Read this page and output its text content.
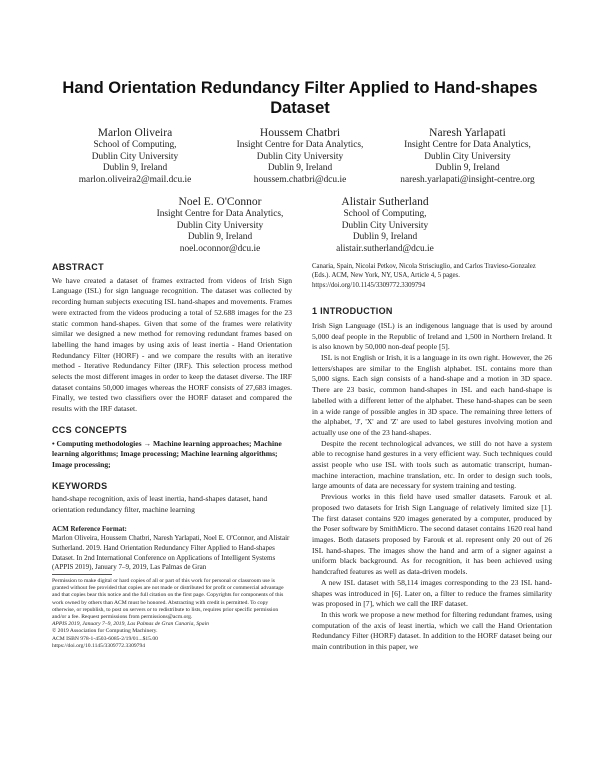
Hand Orientation Redundancy Filter Applied to Hand-shapes Dataset
Marlon Oliveira
School of Computing,
Dublin City University
Dublin 9, Ireland
marlon.oliveira2@mail.dcu.ie
Houssem Chatbri
Insight Centre for Data Analytics,
Dublin City University
Dublin 9, Ireland
houssem.chatbri@dcu.ie
Naresh Yarlapati
Insight Centre for Data Analytics,
Dublin City University
Dublin 9, Ireland
naresh.yarlapati@insight-centre.org
Noel E. O'Connor
Insight Centre for Data Analytics,
Dublin City University
Dublin 9, Ireland
noel.oconnor@dcu.ie
Alistair Sutherland
School of Computing,
Dublin City University
Dublin 9, Ireland
alistair.sutherland@dcu.ie
ABSTRACT

We have created a dataset of frames extracted from videos of Irish Sign Language (ISL) for sign language recognition. The dataset was collected by recording human subjects executing ISL hand-shapes and movements. Frames were extracted from the videos producing a total of 52.688 images for the 23 static common hand-shapes. Given that some of the frames were relativity similar we designed a new method for removing redundant frames based on labelling the hand images by using axis of least inertia - Hand Orientation Redundancy Filter (HORF) - and we compare the results with an iterative method - Iterative Redundancy Filter (IRF). This selection process method selects the most different images in order to keep the dataset diverse. The IRF dataset contains 50,000 images whereas the HORF consists of 27,683 images. Finally, we tested two classifiers over the HORF dataset and compared the results with the IRF dataset.

CCS CONCEPTS

• Computing methodologies → Machine learning approaches; Machine learning algorithms; Image processing; Machine learning algorithms; Image processing;

KEYWORDS

hand-shape recognition, axis of least inertia, hand-shapes dataset, hand orientation redundancy filter, machine learning

ACM Reference Format:

Marlon Oliveira, Houssem Chatbri, Naresh Yarlapati, Noel E. O'Connor, and Alistair Sutherland. 2019. Hand Orientation Redundancy Filter Applied to Hand-shapes Dataset. In 2nd International Conference on Applications of Intelligent Systems (APPIS 2019), January 7–9, 2019, Las Palmas de Gran

Permission to make digital or hard copies of all or part of this work for personal or classroom use is granted without fee provided that copies are not made or distributed for profit or commercial advantage and that copies bear this notice and the full citation on the first page. Copyrights for components of this work owned by others than ACM must be honored. Abstracting with credit is permitted. To copy otherwise, or republish, to post on servers or to redistribute to lists, requires prior specific permission and/or a fee. Request permissions from permissions@acm.org.
APPIS 2019, January 7–9, 2019, Las Palmas de Gran Canaria, Spain
© 2019 Association for Computing Machinery.
ACM ISBN 978-1-4503-6085-2/19/01...$15.00
https://doi.org/10.1145/3309772.3309794

Canaria, Spain, Nicolai Petkov, Nicola Strisciuglio, and Carlos Travieso-Gonzalez (Eds.). ACM, New York, NY, USA, Article 4, 5 pages. https://doi.org/10.1145/3309772.3309794

1 INTRODUCTION

Irish Sign Language (ISL) is an indigenous language that is used by around 5,000 deaf people in the Republic of Ireland and 1,500 in Northern Ireland. It is also known by 50,000 non-deaf people [5].

ISL is not English or Irish, it is a language in its own right. However, the 26 letters/shapes are similar to the English alphabet. ISL contains more than 5,000 signs. Each sign consists of a hand-shape and a motion in 3D space. There are 23 basic, common hand-shapes in ISL and each hand-shape is labelled with a different letter of the alphabet. These hand-shapes can be seen in a wide range of possible angles in 3D space. The remaining three letters of the alphabet, 'J', 'X' and 'Z' are used to label gestures involving motion and actually use one of the 23 hand-shapes.

Despite the recent technological advances, we still do not have a system able to recognise hand gestures in a very efficient way. Such techniques could assist people who use ISL with tools such as automatic transcript, human-machine interaction, machine translation, etc. In order to design such tools, large amounts of data are necessary for system training and testing.

Previous works in this field have used smaller datasets. Farouk et al. proposed two datasets for Irish Sign Language of relatively limited size [1]. The first dataset contains 920 images generated by a computer, produced by the Poser software by SmithMicro. The second dataset contains 1620 real hand images. Both datasets proposed by Farouk et al. represent only 20 out of 26 ISL hand-shapes. The images show the hand and arm of a signer against a uniform black background. As for recognition, it has been achieved using handcrafted features as well as data-driven models.

A new ISL dataset with 58,114 images corresponding to the 23 ISL hand-shapes was introduced in [6]. Later on, a filter to reduce the frames similarity was proposed in [7], which we call the IRF dataset.

In this work we propose a new method for filtering redundant frames, using computation of the axis of least inertia, which we call the Hand Orientation Redundancy Filter (HORF) dataset. In addition to the HORF dataset being our main contribution in this paper, we
